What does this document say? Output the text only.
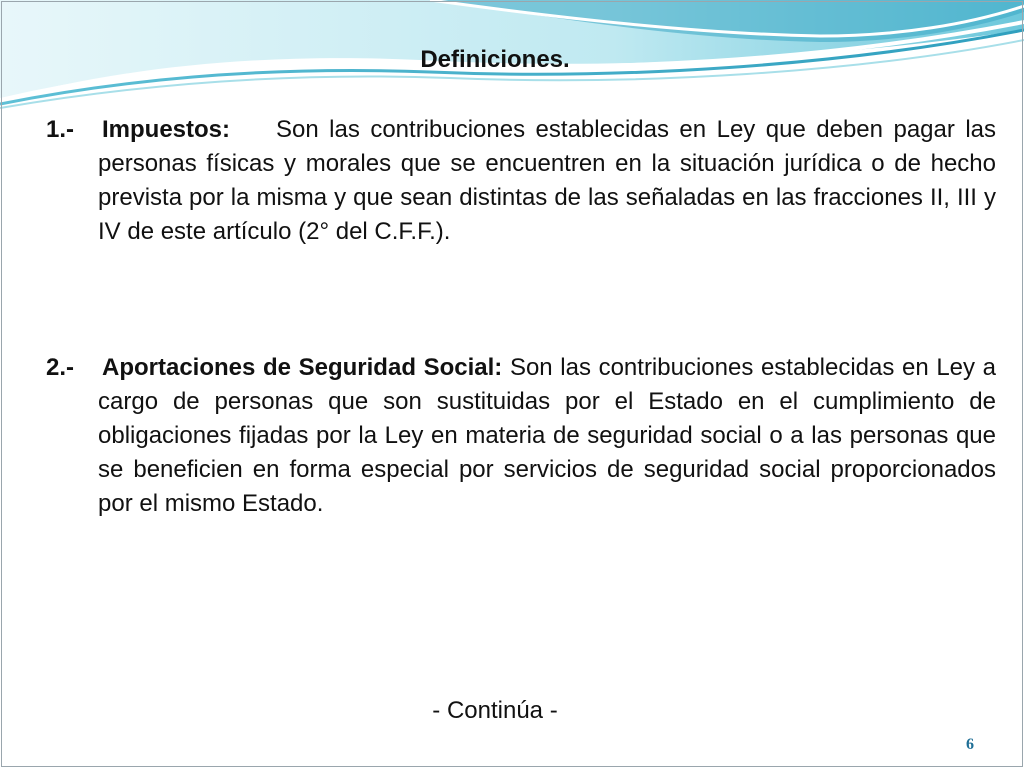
Definiciones.
1.- Impuestos: Son las contribuciones establecidas en Ley que deben pagar las personas físicas y morales que se encuentren en la situación jurídica o de hecho prevista por la misma y que sean distintas de las señaladas en las fracciones II, III y IV de este artículo (2° del C.F.F.).
2.- Aportaciones de Seguridad Social: Son las contribuciones establecidas en Ley a cargo de personas que son sustituidas por el Estado en el cumplimiento de obligaciones fijadas por la Ley en materia de seguridad social o a las personas que se beneficien en forma especial por servicios de seguridad social proporcionados por el mismo Estado.
- Continúa -
6
